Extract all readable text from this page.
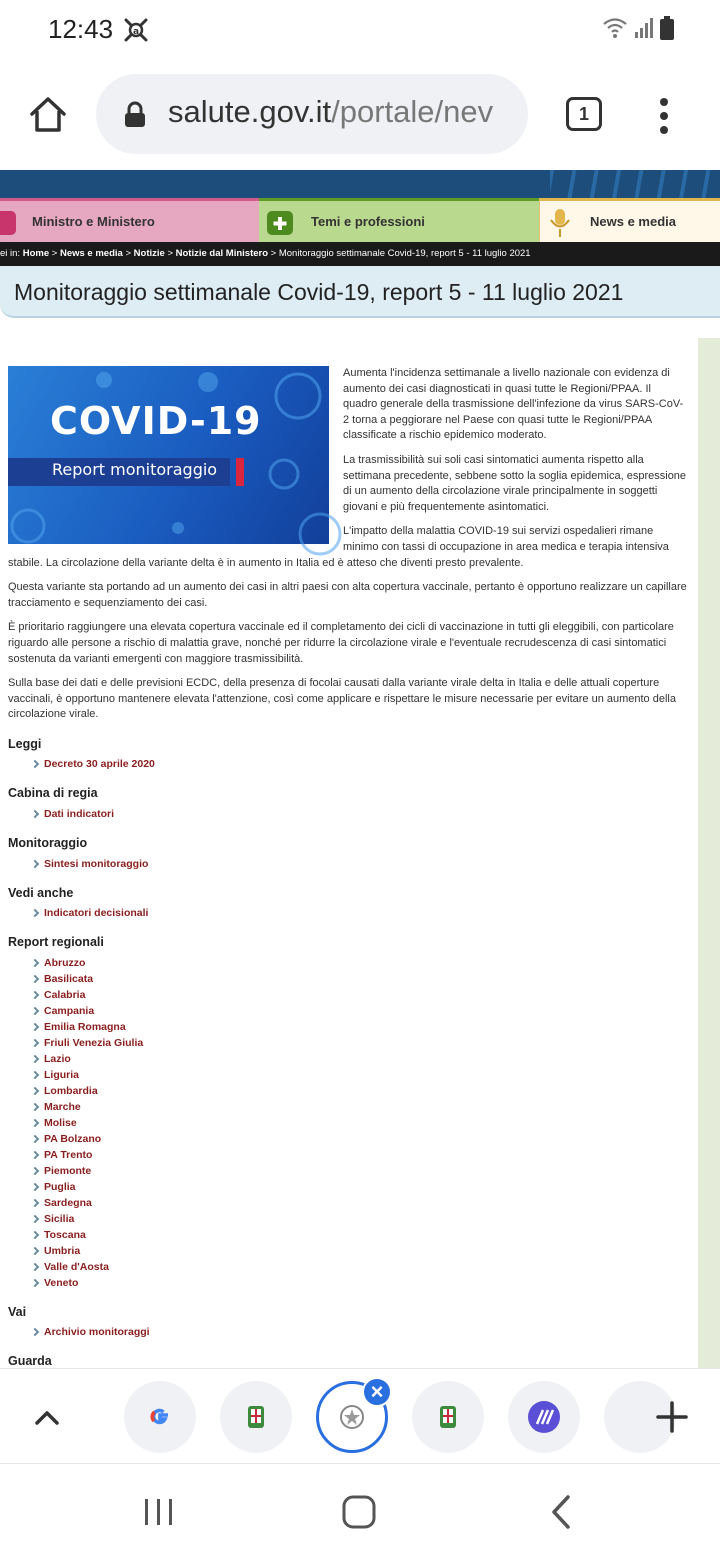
12:43 a
salute.gov.it/portale/nev	1
Ministro e Ministero	Temi e professioni	News e media
ei in: Home > News e media > Notizie > Notizie dal Ministero > Monitoraggio settimanale Covid-19, report 5 - 11 luglio 2021
Monitoraggio settimanale Covid-19, report 5 - 11 luglio 2021
COVID-19
Report monitoraggio

Aumenta l'incidenza settimanale a livello nazionale con evidenza di aumento dei casi diagnosticati in quasi tutte le Regioni/PPAA. Il quadro generale della trasmissione dell'infezione da virus SARS-CoV-2 torna a peggiorare nel Paese con quasi tutte le Regioni/PPAA classificate a rischio epidemico moderato.

La trasmissibilità sui soli casi sintomatici aumenta rispetto alla settimana precedente, sebbene sotto la soglia epidemica, espressione di un aumento della circolazione virale principalmente in soggetti giovani e più frequentemente asintomatici.

L'impatto della malattia COVID-19 sui servizi ospedalieri rimane minimo con tassi di occupazione in area medica e terapia intensiva stabile. La circolazione della variante delta è in aumento in Italia ed è atteso che diventi presto prevalente.

Questa variante sta portando ad un aumento dei casi in altri paesi con alta copertura vaccinale, pertanto è opportuno realizzare un capillare tracciamento e sequenziamento dei casi.

È prioritario raggiungere una elevata copertura vaccinale ed il completamento dei cicli di vaccinazione in tutti gli eleggibili, con particolare riguardo alle persone a rischio di malattia grave, nonché per ridurre la circolazione virale e l'eventuale recrudescenza di casi sintomatici sostenuta da varianti emergenti con maggiore trasmissibilità.

Sulla base dei dati e delle previsioni ECDC, della presenza di focolai causati dalla variante virale delta in Italia e delle attuali coperture vaccinali, è opportuno mantenere elevata l'attenzione, così come applicare e rispettare le misure necessarie per evitare un aumento della circolazione virale.

Leggi
Decreto 30 aprile 2020
Cabina di regia
Dati indicatori
Monitoraggio
Sintesi monitoraggio
Vedi anche
Indicatori decisionali
Report regionali
Abruzzo
Basilicata
Calabria
Campania
Emilia Romagna
Friuli Venezia Giulia
Lazio
Liguria
Lombardia
Marche
Molise
PA Bolzano
PA Trento
Piemonte
Puglia
Sardegna
Sicilia
Toscana
Umbria
Valle d'Aosta
Veneto
Vai
Archivio monitoraggi
Guarda
×
